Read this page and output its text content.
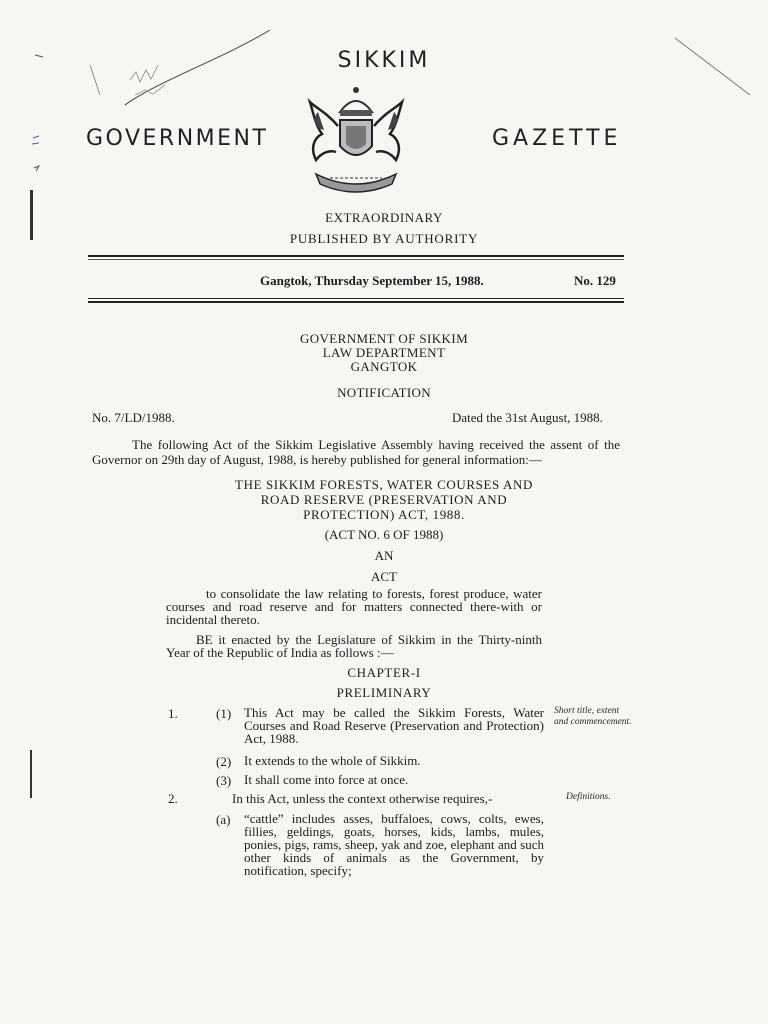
SIKKIM
GOVERNMENT	GAZETTE
EXTRAORDINARY
PUBLISHED BY AUTHORITY
Gangtok, Thursday September 15, 1988.	No. 129
GOVERNMENT OF SIKKIM
LAW DEPARTMENT
GANGTOK
NOTIFICATION
No. 7/LD/1988.	Dated the 31st August, 1988.
The following Act of the Sikkim Legislative Assembly having received the assent of the Governor on 29th day of August, 1988, is hereby published for general information:—
THE SIKKIM FORESTS, WATER COURSES AND
ROAD RESERVE (PRESERVATION AND
PROTECTION) ACT, 1988.
(ACT NO. 6 OF 1988)
AN
ACT
to consolidate the law relating to forests, forest produce, water courses and road reserve and for matters connected there-with or incidental thereto.
BE it enacted by the Legislature of Sikkim in the Thirty-ninth Year of the Republic of India as follows :—
CHAPTER-I
PRELIMINARY
1.	(1) This Act may be called the Sikkim Forests, Water Courses and Road Reserve (Preservation and Protection) Act, 1988.
Short title, extent and commencement.
(2) It extends to the whole of Sikkim.
(3) It shall come into force at once.
2.	In this Act, unless the context otherwise requires,-	Definitions.
(a) “cattle” includes asses, buffaloes, cows, colts, ewes, fillies, geldings, goats, horses, kids, lambs, mules, ponies, pigs, rams, sheep, yak and zoe, elephant and such other kinds of animals as the Government, by notification, specify;
